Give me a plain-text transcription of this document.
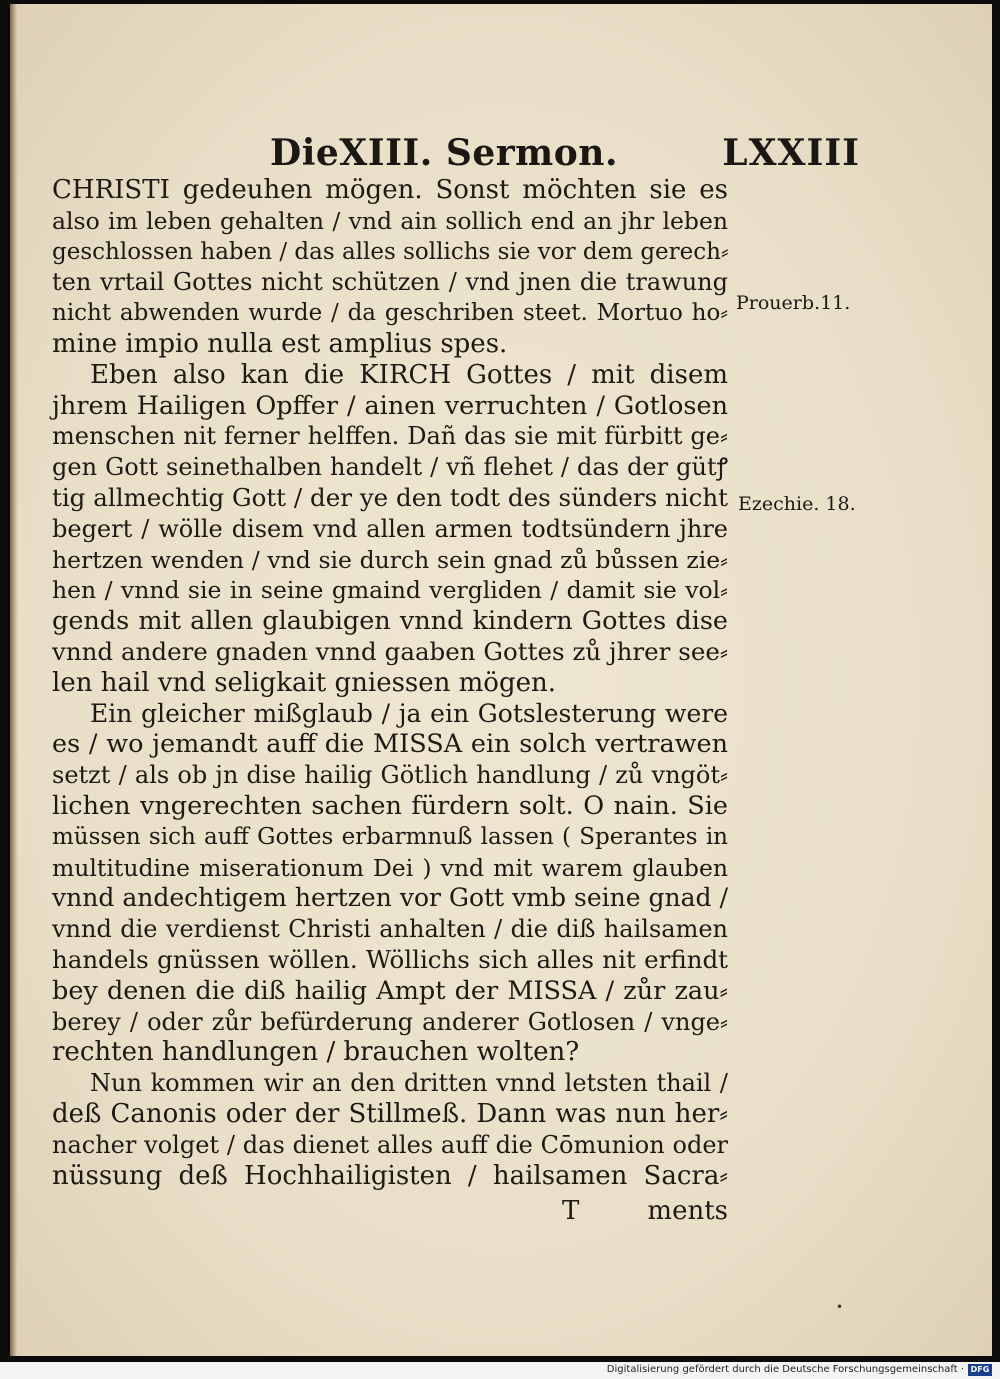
DieXIII. Sermon.	LXXIII
CHRISTI gedeuhen mögen. Sonst möchten sie es
also im leben gehalten / vnd ain sollich end an jhr leben
geschlossen haben / das alles sollichs sie vor dem gerech⸗
ten vrtail Gottes nicht schützen / vnd jnen die trawung
nicht abwenden wurde / da geschriben steet. Mortuo ho⸗
mine impio nulla est amplius spes.
Eben also kan die KIRCH Gottes / mit disem
jhrem Hailigen Opffer / ainen verruchten / Gotlosen
menschen nit ferner helffen. Dañ das sie mit fürbitt ge⸗
gen Gott seinethalben handelt / vñ flehet / das der gütꝭ
tig allmechtig Gott / der ye den todt des sünders nicht
begert / wölle disem vnd allen armen todtsündern jhre
hertzen wenden / vnd sie durch sein gnad zů bůssen zie⸗
hen / vnnd sie in seine gmaind vergliden / damit sie vol⸗
gends mit allen glaubigen vnnd kindern Gottes dise
vnnd andere gnaden vnnd gaaben Gottes zů jhrer see⸗
len hail vnd seligkait gniessen mögen.
Ein gleicher mißglaub / ja ein Gotslesterung were
es / wo jemandt auff die MISSA ein solch vertrawen
setzt / als ob jn dise hailig Götlich handlung / zů vngöt⸗
lichen vngerechten sachen fürdern solt. O nain. Sie
müssen sich auff Gottes erbarmnuß lassen ( Sperantes in
multitudine miserationum Dei ) vnd mit warem glauben
vnnd andechtigem hertzen vor Gott vmb seine gnad /
vnnd die verdienst Christi anhalten / die diß hailsamen
handels gnüssen wöllen. Wöllichs sich alles nit erfindt
bey denen die diß hailig Ampt der MISSA / zůr zau⸗
berey / oder zůr befürderung anderer Gotlosen / vnge⸗
rechten handlungen / brauchen wolten?
Nun kommen wir an den dritten vnnd letsten thail /
deß Canonis oder der Stillmeß. Dann was nun her⸗
nacher volget / das dienet alles auff die Cōmunion oder
nüssung deß Hochhailigisten / hailsamen Sacra⸗
Prouerb.11.
Ezechie. 18.
T	ments
•
Digitalisierung gefördert durch die Deutsche Forschungsgemeinschaft · DFG
